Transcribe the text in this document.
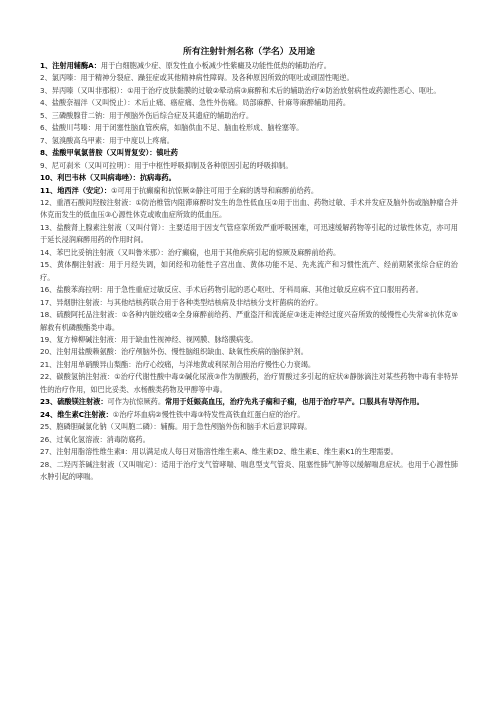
所有注射针剂名称（学名）及用途
1、注射用辅酶A：用于白细胞减少症、原发性血小板减少性紫癜及功能性低热的辅助治疗。
2、氯丙嗪：用于精神分裂症、躁狂症或其他精神病性障碍。及各种原因所致的呕吐或顽固性呃逆。
3、异丙嗪（又叫非那根）：①用于治疗皮肤黏膜的过敏②晕动病③麻醉和术后的辅助治疗④防治放射病性或药源性恶心、呕吐。
4、盐酸奈福泮（又叫悦止）：术后止痛、癌症痛、急性外伤痛。局部麻醉、针麻等麻醉辅助用药。
5、三磷酸腺苷二钠：用于颅脑外伤后综合症及其遗症的辅助治疗。
6、盐酸川芎嗪：用于闭塞性脑血管疾病，如脑供血不足、脑血栓形成、脑栓塞等。
7、氢溴酸高乌甲素：用于中度以上疼痛。
8、盐酸甲氧氯普胺（又叫胃复安）：镇吐药
9、尼可刹米（又叫可拉明）：用于中枢性呼吸抑制及各种原因引起的呼吸抑制。
10、利巴韦林（又叫病毒唑）：抗病毒药。
11、地西泮（安定）：①可用于抗癫痫和抗惊厥②静注可用于全麻的诱导和麻醉前给药。
12、重酒石酸间羟胺注射液：①防治椎管内阻滞麻醉时发生的急性低血压②用于出血、药物过敏、手术并发症及脑外伤或脑肿瘤合并休克而发生的低血压③心源性休克或败血症所致的低血压。
13、盐酸肾上腺素注射液（又叫付肾）：主要适用于因支气管痉挛所致严重呼吸困难，可迅速缓解药物等引起的过敏性休克，亦可用于延长浸润麻醉用药的作用时间。
14、苯巴比妥钠注射液（又叫鲁米那）：治疗癫痫，也用于其他疾病引起的惊厥及麻醉前给药。
15、黄体酮注射液：用于月经失调，如闭经和功能性子宫出血、黄体功能不足、先兆流产和习惯性流产、经前期紧张综合症的治疗。
16、盐酸苯海拉明：用于急性重症过敏反应、手术后药物引起的恶心呕吐、牙科局麻、其他过敏反应病不宜口服用药者。
17、异烟肼注射液：与其他结核药联合用于各种类型结核病及非结核分支杆菌病的治疗。
18、硫酸阿托品注射液：①各种内脏绞痛②全身麻醉前给药、严重盗汗和流涎症③迷走神经过度兴奋所致的缓慢性心失常④抗休克⑤解救有机磷酸酯类中毒。
19、复方樟柳碱注射液：用于缺血性视神经、视网膜、脉络膜病变。
20、注射用盐酸赖氨酸：治疗颅脑外伤、慢性脑组织缺血、缺氧性疾病的脑保护剂。
21、注射用单硝酸异山梨酯：治疗心绞痛，与洋地黄或利尿剂合用治疗慢性心力衰竭。
22、碳酸氢钠注射液：①治疗代谢性酸中毒②碱化尿液③作为制酸药，治疗胃酸过多引起的症状④静脉滴注对某些药物中毒有非特异性的治疗作用，如巴比妥类、水杨酸类药物及甲醇等中毒。
23、硫酸镁注射液：可作为抗惊厥药。常用于妊娠高血压，治疗先兆子痫和子痫，也用于治疗早产。口服具有导泻作用。
24、维生素C注射液：①治疗坏血病②慢性铁中毒③特发性高铁血红蛋白症的治疗。
25、胞磷胆碱氯化钠（又叫胞二磷）：辅酶。用于急性颅脑外伤和脑手术后意识障碍。
26、过氧化氢溶液：消毒防腐药。
27、注射用脂溶性维生素Ⅱ：用以满足成人每日对脂溶性维生素A、维生素D2、维生素E、维生素K1的生理需要。
28、二羟丙茶碱注射液（又叫喘定）：适用于治疗支气管哮喘、喘息型支气管炎、阻塞性肺气肿等以缓解喘息症状。也用于心源性肺水肿引起的哮喘。
